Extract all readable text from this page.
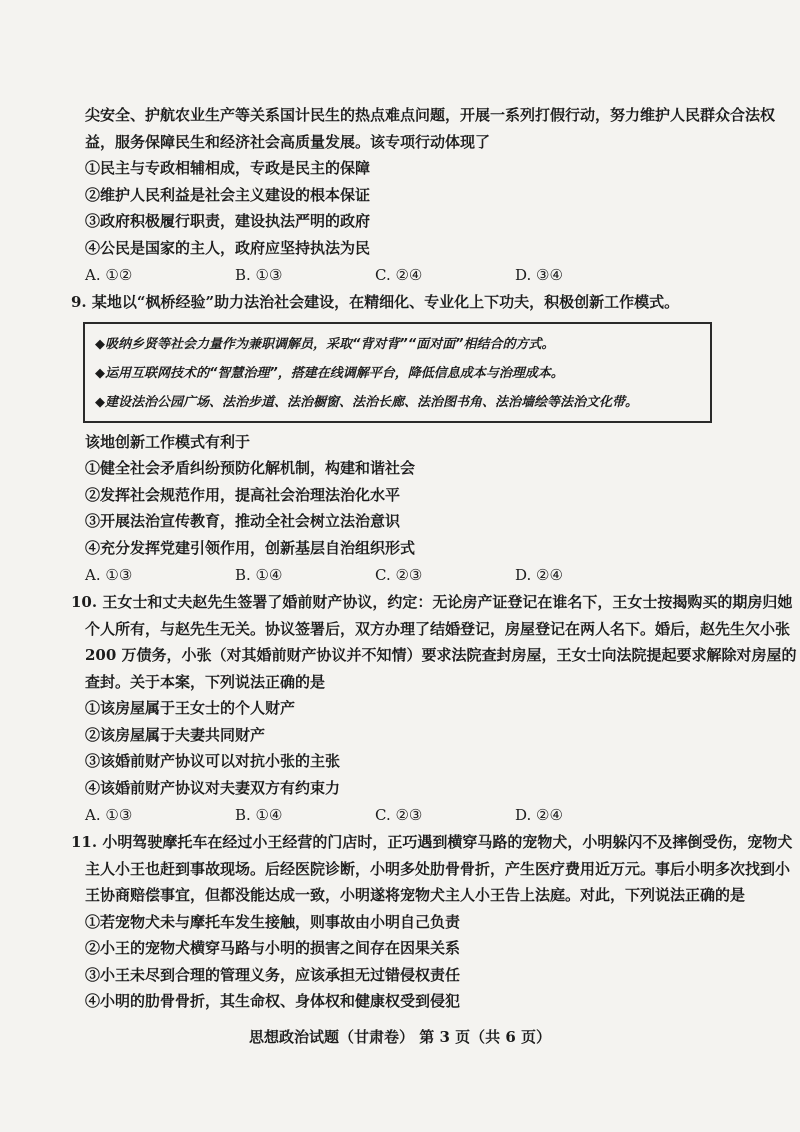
尖安全、护航农业生产等关系国计民生的热点难点问题，开展一系列打假行动，努力维护人民群众合法权
益，服务保障民生和经济社会高质量发展。该专项行动体现了
①民主与专政相辅相成，专政是民主的保障
②维护人民利益是社会主义建设的根本保证
③政府积极履行职责，建设执法严明的政府
④公民是国家的主人，政府应坚持执法为民
A. ①②	B. ①③	C. ②④	D. ③④
9. 某地以“枫桥经验”助力法治社会建设，在精细化、专业化上下功夫，积极创新工作模式。
◆吸纳乡贤等社会力量作为兼职调解员，采取“背对背”“面对面”相结合的方式。
◆运用互联网技术的“智慧治理”，搭建在线调解平台，降低信息成本与治理成本。
◆建设法治公园广场、法治步道、法治橱窗、法治长廊、法治图书角、法治墙绘等法治文化带。
该地创新工作模式有利于
①健全社会矛盾纠纷预防化解机制，构建和谐社会
②发挥社会规范作用，提高社会治理法治化水平
③开展法治宣传教育，推动全社会树立法治意识
④充分发挥党建引领作用，创新基层自治组织形式
A. ①③	B. ①④	C. ②③	D. ②④
10. 王女士和丈夫赵先生签署了婚前财产协议，约定：无论房产证登记在谁名下，王女士按揭购买的期房归她
个人所有，与赵先生无关。协议签署后，双方办理了结婚登记，房屋登记在两人名下。婚后，赵先生欠小张
200 万债务，小张（对其婚前财产协议并不知情）要求法院查封房屋，王女士向法院提起要求解除对房屋的
查封。关于本案，下列说法正确的是
①该房屋属于王女士的个人财产
②该房屋属于夫妻共同财产
③该婚前财产协议可以对抗小张的主张
④该婚前财产协议对夫妻双方有约束力
A. ①③	B. ①④	C. ②③	D. ②④
11. 小明驾驶摩托车在经过小王经营的门店时，正巧遇到横穿马路的宠物犬，小明躲闪不及摔倒受伤，宠物犬
主人小王也赶到事故现场。后经医院诊断，小明多处肋骨骨折，产生医疗费用近万元。事后小明多次找到小
王协商赔偿事宜，但都没能达成一致，小明遂将宠物犬主人小王告上法庭。对此，下列说法正确的是
①若宠物犬未与摩托车发生接触，则事故由小明自己负责
②小王的宠物犬横穿马路与小明的损害之间存在因果关系
③小王未尽到合理的管理义务，应该承担无过错侵权责任
④小明的肋骨骨折，其生命权、身体权和健康权受到侵犯
思想政治试题（甘肃卷） 第 3 页（共 6 页）
